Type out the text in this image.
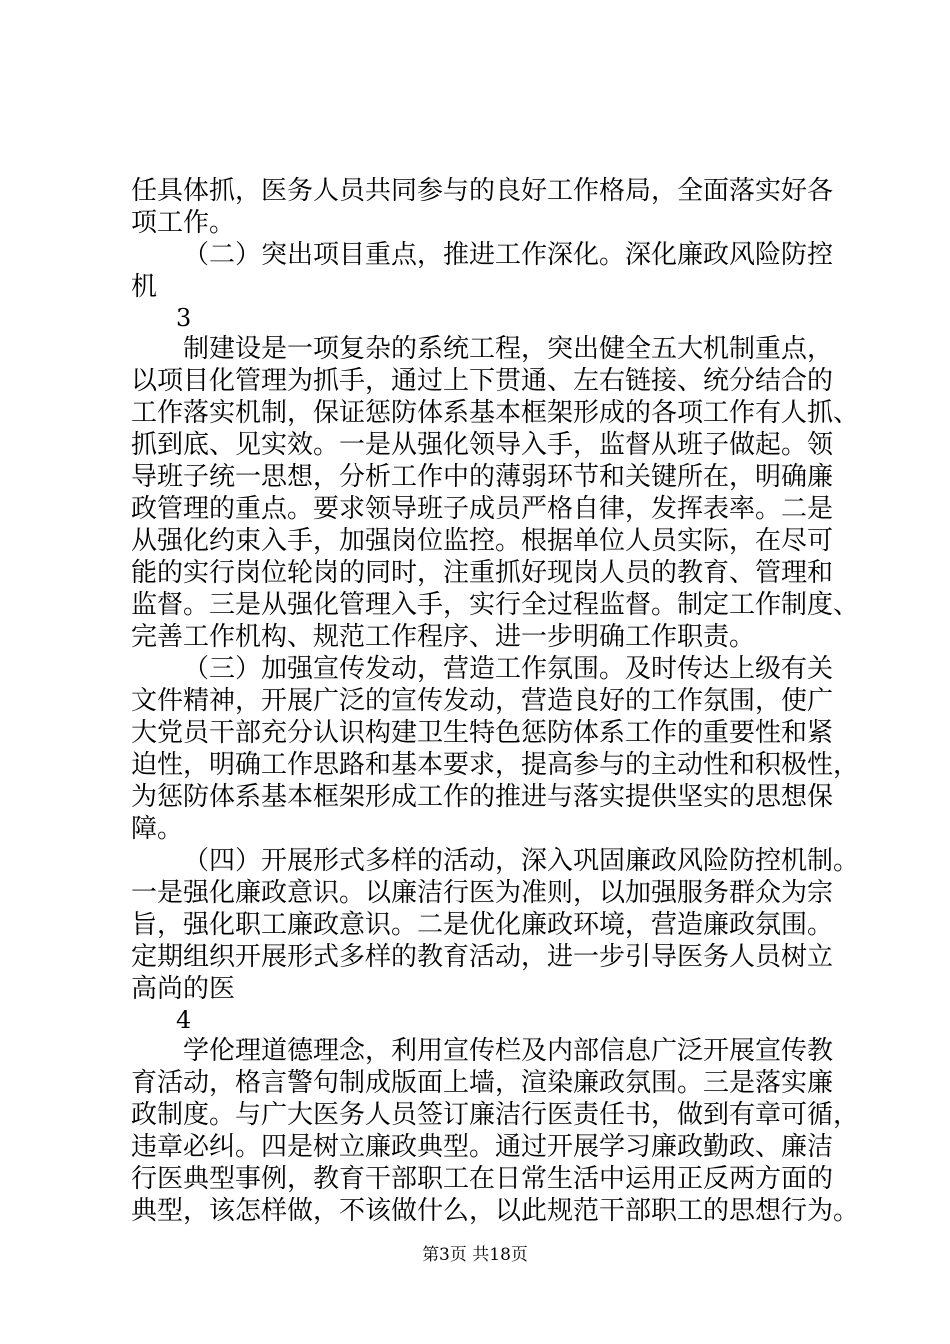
任具体抓，医务人员共同参与的良好工作格局，全面落实好各
项工作。
（二）突出项目重点，推进工作深化。深化廉政风险防控
机
3
制建设是一项复杂的系统工程，突出健全五大机制重点，
以项目化管理为抓手，通过上下贯通、左右链接、统分结合的
工作落实机制，保证惩防体系基本框架形成的各项工作有人抓、
抓到底、见实效。一是从强化领导入手，监督从班子做起。领
导班子统一思想，分析工作中的薄弱环节和关键所在，明确廉
政管理的重点。要求领导班子成员严格自律，发挥表率。二是
从强化约束入手，加强岗位监控。根据单位人员实际，在尽可
能的实行岗位轮岗的同时，注重抓好现岗人员的教育、管理和
监督。三是从强化管理入手，实行全过程监督。制定工作制度、
完善工作机构、规范工作程序、进一步明确工作职责。
（三）加强宣传发动，营造工作氛围。及时传达上级有关
文件精神，开展广泛的宣传发动，营造良好的工作氛围，使广
大党员干部充分认识构建卫生特色惩防体系工作的重要性和紧
迫性，明确工作思路和基本要求，提高参与的主动性和积极性，
为惩防体系基本框架形成工作的推进与落实提供坚实的思想保
障。
（四）开展形式多样的活动，深入巩固廉政风险防控机制。
一是强化廉政意识。以廉洁行医为准则，以加强服务群众为宗
旨，强化职工廉政意识。二是优化廉政环境，营造廉政氛围。
定期组织开展形式多样的教育活动，进一步引导医务人员树立
高尚的医
4
学伦理道德理念，利用宣传栏及内部信息广泛开展宣传教
育活动，格言警句制成版面上墙，渲染廉政氛围。三是落实廉
政制度。与广大医务人员签订廉洁行医责任书，做到有章可循，
违章必纠。四是树立廉政典型。通过开展学习廉政勤政、廉洁
行医典型事例，教育干部职工在日常生活中运用正反两方面的
典型，该怎样做，不该做什么，以此规范干部职工的思想行为。
第3页 共18页
